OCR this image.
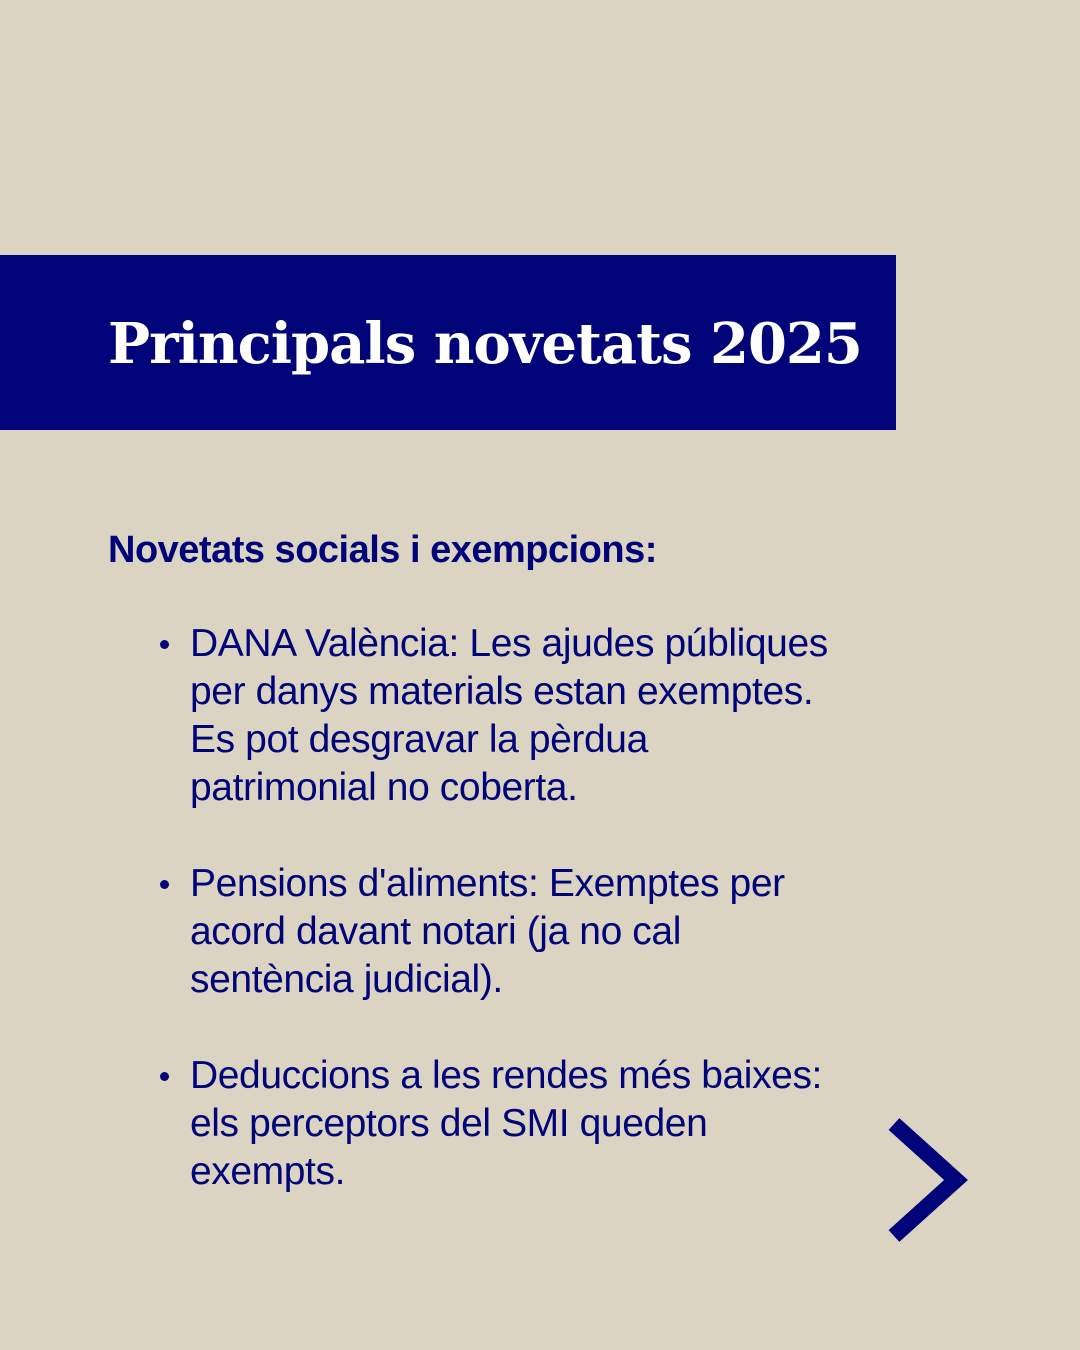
Principals novetats 2025
Novetats socials i exempcions:
DANA València: Les ajudes públiques
per danys materials estan exemptes.
Es pot desgravar la pèrdua
patrimonial no coberta.
Pensions d'aliments: Exemptes per
acord davant notari (ja no cal
sentència judicial).
Deduccions a les rendes més baixes:
els perceptors del SMI queden
exempts.
